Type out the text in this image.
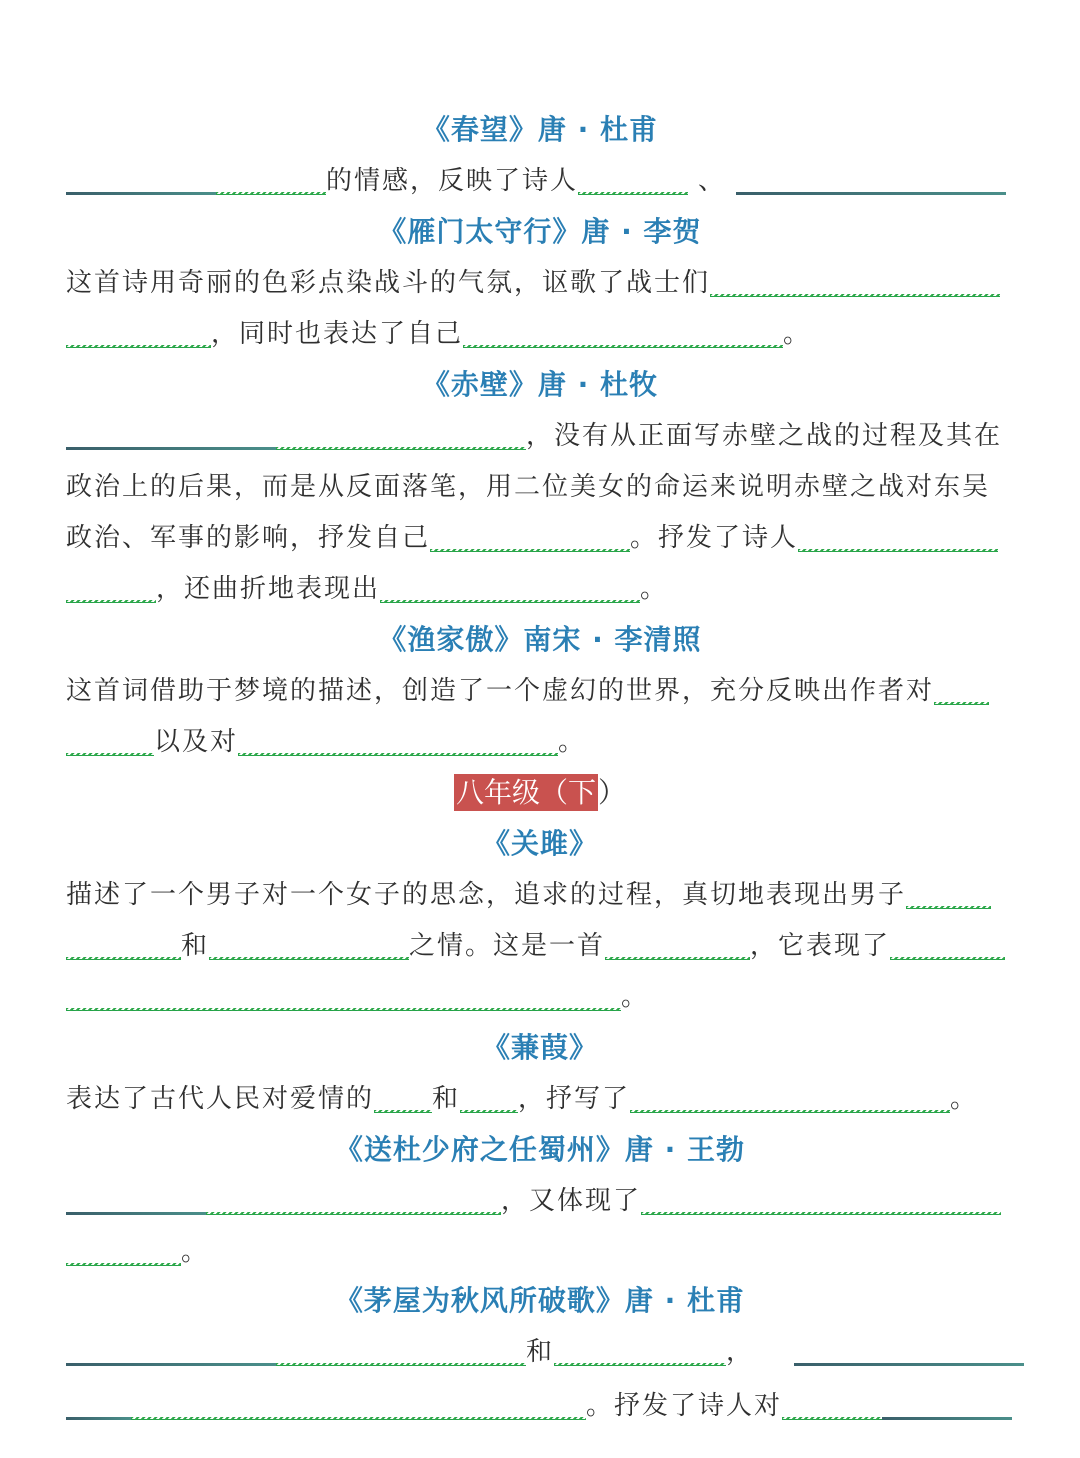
《春望》唐 · 杜甫
的情感，反映了诗人	、
《雁门太守行》唐 · 李贺
这首诗用奇丽的色彩点染战斗的气氛，讴歌了战士们
，同时也表达了自己	。
《赤壁》唐 · 杜牧
，没有从正面写赤壁之战的过程及其在
政治上的后果，而是从反面落笔，用二位美女的命运来说明赤壁之战对东吴
政治、军事的影响，抒发自己	。抒发了诗人
，还曲折地表现出	。
《渔家傲》南宋 · 李清照
这首词借助于梦境的描述，创造了一个虚幻的世界，充分反映出作者对
以及对	。
八年级（下）
《关雎》
描述了一个男子对一个女子的思念，追求的过程，真切地表现出男子
和	之情。这是一首	，它表现了
。
《蒹葭》
表达了古代人民对爱情的 和 ，抒写了	。
《送杜少府之任蜀州》唐 · 王勃
，又体现了
。
《茅屋为秋风所破歌》唐 · 杜甫
和	，
。抒发了诗人对
